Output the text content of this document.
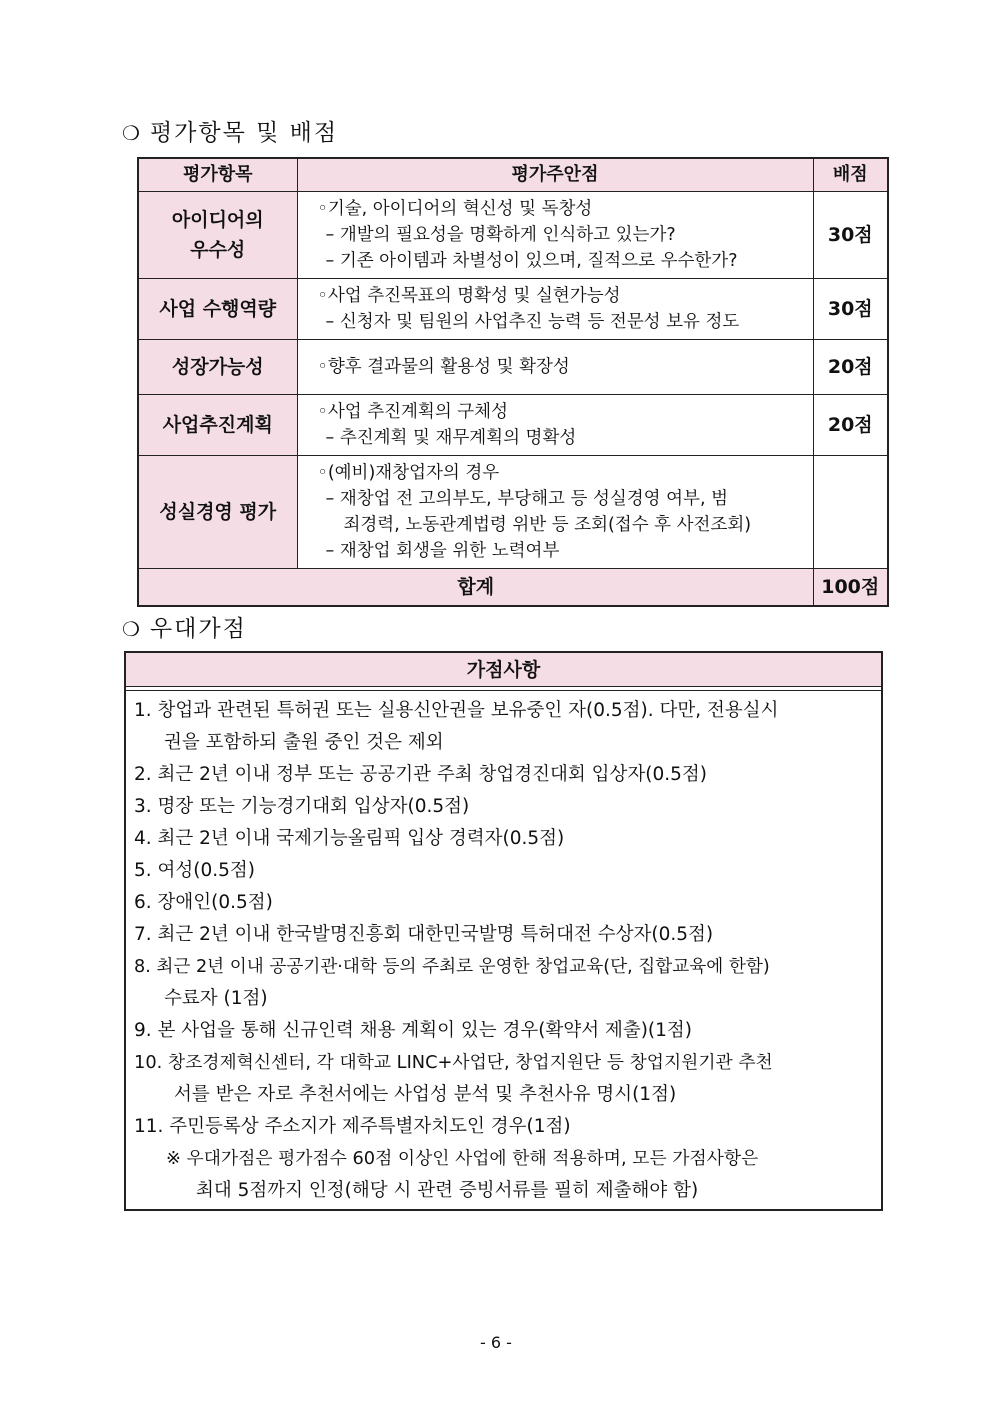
❍ 평가항목 및 배점
평가항목	평가주안점	배점

아이디어의
우수성	◦기술, 아이디어의 혁신성 및 독창성
– 개발의 필요성을 명확하게 인식하고 있는가?
– 기존 아이템과 차별성이 있으며, 질적으로 우수한가?	30점
사업 수행역량	◦사업 추진목표의 명확성 및 실현가능성
– 신청자 및 팀원의 사업추진 능력 등 전문성 보유 정도	30점
성장가능성	◦향후 결과물의 활용성 및 확장성	20점
사업추진계획	◦사업 추진계획의 구체성
– 추진계획 및 재무계획의 명확성	20점
성실경영 평가	◦(예비)재창업자의 경우
– 재창업 전 고의부도, 부당해고 등 성실경영 여부, 범
죄경력, 노동관계법령 위반 등 조회(접수 후 사전조회)
– 재창업 회생을 위한 노력여부	

합계		100점
❍ 우대가점
가점사항
1. 창업과 관련된 특허권 또는 실용신안권을 보유중인 자(0.5점). 다만, 전용실시
권을 포함하되 출원 중인 것은 제외
2. 최근 2년 이내 정부 또는 공공기관 주최 창업경진대회 입상자(0.5점)
3. 명장 또는 기능경기대회 입상자(0.5점)
4. 최근 2년 이내 국제기능올림픽 입상 경력자(0.5점)
5. 여성(0.5점)
6. 장애인(0.5점)
7. 최근 2년 이내 한국발명진흥회 대한민국발명 특허대전 수상자(0.5점)
8. 최근 2년 이내 공공기관·대학 등의 주최로 운영한 창업교육(단, 집합교육에 한함)
수료자 (1점)
9. 본 사업을 통해 신규인력 채용 계획이 있는 경우(확약서 제출)(1점)
10. 창조경제혁신센터, 각 대학교 LINC+사업단, 창업지원단 등 창업지원기관 추천
서를 받은 자로 추천서에는 사업성 분석 및 추천사유 명시(1점)
11. 주민등록상 주소지가 제주특별자치도인 경우(1점)
※ 우대가점은 평가점수 60점 이상인 사업에 한해 적용하며, 모든 가점사항은
최대 5점까지 인정(해당 시 관련 증빙서류를 필히 제출해야 함)
- 6 -
